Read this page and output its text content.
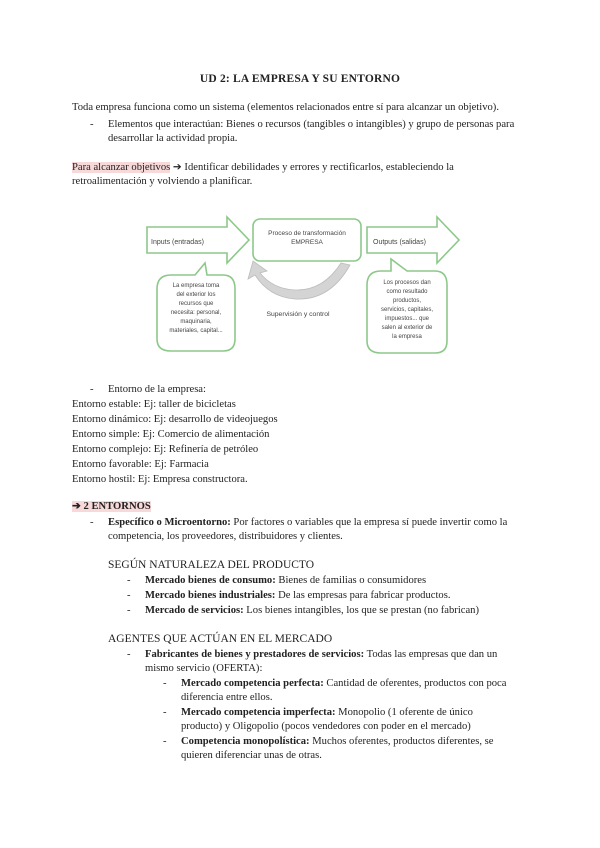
UD 2: LA EMPRESA Y SU ENTORNO
Toda empresa funciona como un sistema (elementos relacionados entre sí para alcanzar un objetivo).
- Elementos que interactúan: Bienes o recursos (tangibles o intangibles) y grupo de personas para desarrollar la actividad propia.
Para alcanzar objetivos ➔ Identificar debilidades y errores y rectificarlos, estableciendo la retroalimentación y volviendo a planificar.
Inputs (entradas)
Proceso de transformación
EMPRESA	Outputs (salidas)
Supervisión y control
La empresa toma
del exterior los
recursos que
necesita: personal,
maquinaria,
materiales, capital...
Los procesos dan
como resultado
productos,
servicios, capitales,
impuestos... que
salen al exterior de
la empresa
- Entorno de la empresa:
Entorno estable: Ej: taller de bicicletas
Entorno dinámico: Ej: desarrollo de videojuegos
Entorno simple: Ej: Comercio de alimentación
Entorno complejo: Ej: Refinería de petróleo
Entorno favorable: Ej: Farmacia
Entorno hostil: Ej: Empresa constructora.
➔ 2 ENTORNOS
- Específico o Microentorno: Por factores o variables que la empresa sí puede invertir como la
competencia, los proveedores, distribuidores y clientes.
SEGÚN NATURALEZA DEL PRODUCTO
- Mercado bienes de consumo: Bienes de familias o consumidores
- Mercado bienes industriales: De las empresas para fabricar productos.
- Mercado de servicios: Los bienes intangibles, los que se prestan (no fabrican)
AGENTES QUE ACTÚAN EN EL MERCADO
- Fabricantes de bienes y prestadores de servicios: Todas las empresas que dan un
mismo servicio (OFERTA):
- Mercado competencia perfecta: Cantidad de oferentes, productos con poca
diferencia entre ellos.
- Mercado competencia imperfecta: Monopolio (1 oferente de único
producto) y Oligopolio (pocos vendedores con poder en el mercado)
- Competencia monopolística: Muchos oferentes, productos diferentes, se
quieren diferenciar unas de otras.
